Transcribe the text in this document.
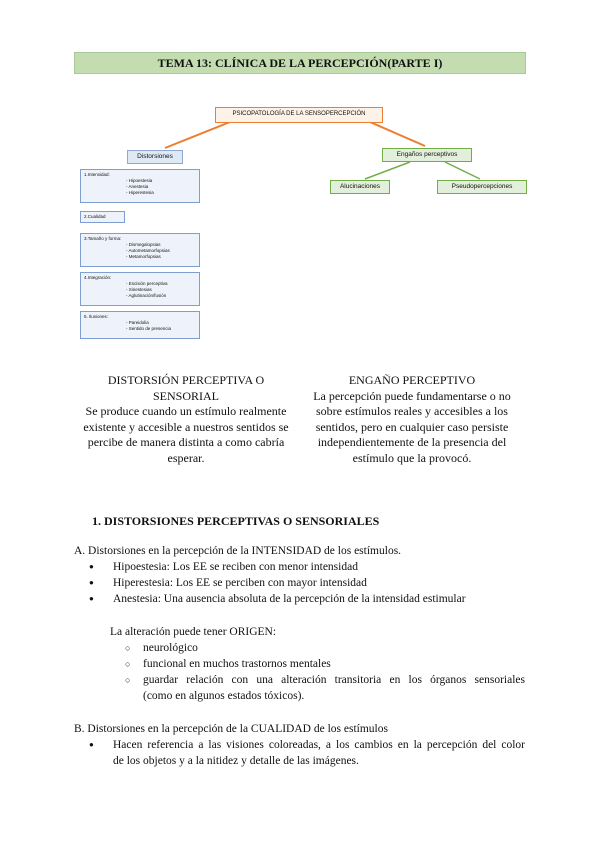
TEMA 13: CLÍNICA DE LA PERCEPCIÓN(PARTE I)
PSICOPATOLOGÍA DE LA SENSOPERCEPCIÓN
Distorsiones	Engaños perceptivos
Alucinaciones	Pseudopercepciones
1.Intensidad:
- Hipoestesia
- Anestesia
- Hiperestesia
2.Cualidad
3.Tamaño y forma:
- Dismegalopsias
- Autometamorfopsias
- Metamorfopsias
4.Integración:
- Escisión perceptiva
- Sinestesias
- Aglutinación/fusión
5. Ilusiones:
- Pareidolia
- Sentido de presencia
DISTORSIÓN PERCEPTIVA O
SENSORIAL
Se produce cuando un estímulo realmente
existente y accesible a nuestros sentidos se
percibe de manera distinta a como cabría
esperar.
ENGAÑO PERCEPTIVO
La percepción puede fundamentarse o no
sobre estímulos reales y accesibles a los
sentidos, pero en cualquier caso persiste
independientemente de la presencia del
estímulo que la provocó.
1. DISTORSIONES PERCEPTIVAS O SENSORIALES
A. Distorsiones en la percepción de la INTENSIDAD de los estímulos.
● Hipoestesia: Los EE se reciben con menor intensidad
● Hiperestesia: Los EE se perciben con mayor intensidad
● Anestesia: Una ausencia absoluta de la percepción de la intensidad estimular
La alteración puede tener ORIGEN:
○ neurológico
○ funcional en muchos trastornos mentales
○ guardar relación con una alteración transitoria en los órganos sensoriales
(como en algunos estados tóxicos).
B. Distorsiones en la percepción de la CUALIDAD de los estímulos
● Hacen referencia a las visiones coloreadas, a los cambios en la percepción del color
de los objetos y a la nitidez y detalle de las imágenes.
